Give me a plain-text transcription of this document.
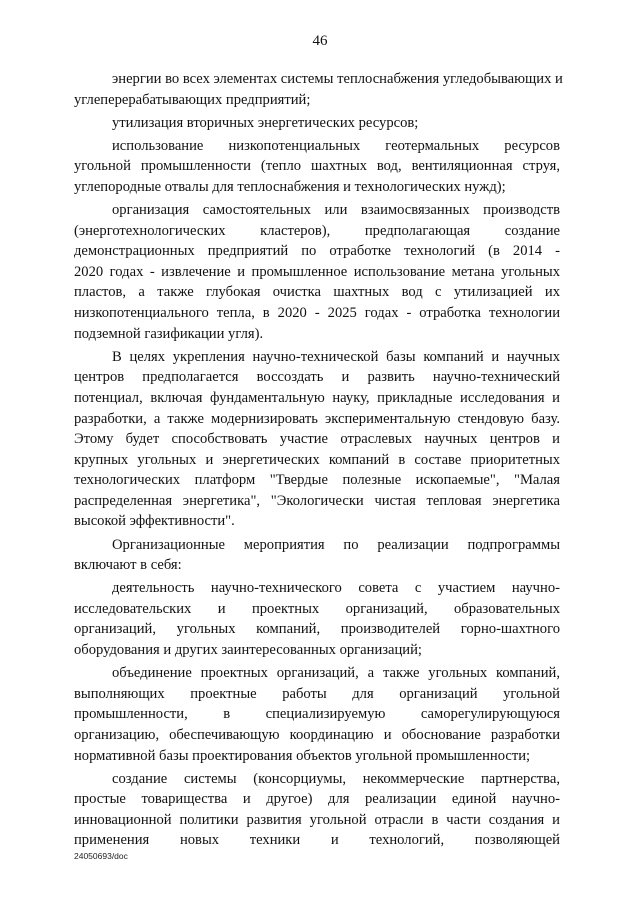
46
энергии во всех элементах системы теплоснабжения угледобывающих и
углеперерабатывающих предприятий;
утилизация вторичных энергетических ресурсов;
использование низкопотенциальных геотермальных ресурсов
угольной промышленности (тепло шахтных вод, вентиляционная струя,
углепородные отвалы для теплоснабжения и технологических нужд);
организация самостоятельных или взаимосвязанных производств
(энерготехнологических кластеров), предполагающая создание
демонстрационных предприятий по отработке технологий (в 2014 -
2020 годах - извлечение и промышленное использование метана угольных
пластов, а также глубокая очистка шахтных вод с утилизацией их
низкопотенциального тепла, в 2020 - 2025 годах - отработка технологии
подземной газификации угля).
В целях укрепления научно-технической базы компаний и научных
центров предполагается воссоздать и развить научно-технический
потенциал, включая фундаментальную науку, прикладные исследования и
разработки, а также модернизировать экспериментальную стендовую базу.
Этому будет способствовать участие отраслевых научных центров и
крупных угольных и энергетических компаний в составе приоритетных
технологических платформ "Твердые полезные ископаемые", "Малая
распределенная энергетика", "Экологически чистая тепловая энергетика
высокой эффективности".
Организационные мероприятия по реализации подпрограммы
включают в себя:
деятельность научно-технического совета с участием научно-
исследовательских и проектных организаций, образовательных
организаций, угольных компаний, производителей горно-шахтного
оборудования и других заинтересованных организаций;
объединение проектных организаций, а также угольных компаний,
выполняющих проектные работы для организаций угольной
промышленности, в специализируемую саморегулирующуюся
организацию, обеспечивающую координацию и обоснование разработки
нормативной базы проектирования объектов угольной промышленности;
создание системы (консорциумы, некоммерческие партнерства,
простые товарищества и другое) для реализации единой научно-
инновационной политики развития угольной отрасли в части создания и
применения новых техники и технологий, позволяющей
24050693/doc
